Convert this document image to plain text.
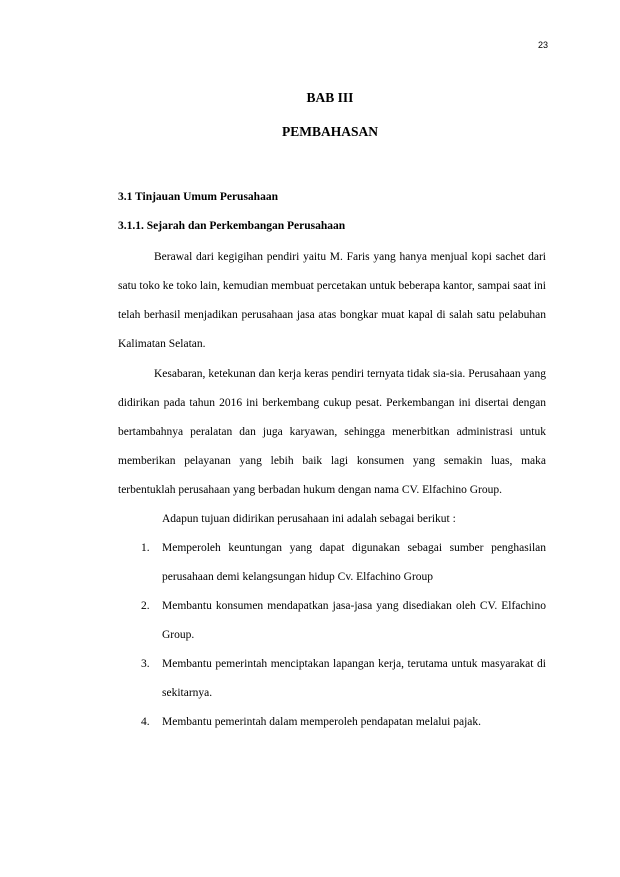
23
BAB III
PEMBAHASAN
3.1 Tinjauan Umum Perusahaan
3.1.1. Sejarah dan Perkembangan Perusahaan

Berawal dari kegigihan pendiri yaitu M. Faris yang hanya menjual kopi sachet dari satu toko ke toko lain, kemudian membuat percetakan untuk beberapa kantor, sampai saat ini telah berhasil menjadikan perusahaan jasa atas bongkar muat kapal di salah satu pelabuhan Kalimatan Selatan.

Kesabaran, ketekunan dan kerja keras pendiri ternyata tidak sia-sia. Perusahaan yang didirikan pada tahun 2016 ini berkembang cukup pesat. Perkembangan ini disertai dengan bertambahnya peralatan dan juga karyawan, sehingga menerbitkan administrasi untuk memberikan pelayanan yang lebih baik lagi konsumen yang semakin luas, maka terbentuklah perusahaan yang berbadan hukum dengan nama CV. Elfachino Group.

Adapun tujuan didirikan perusahaan ini adalah sebagai berikut :

1. Memperoleh keuntungan yang dapat digunakan sebagai sumber penghasilan perusahaan demi kelangsungan hidup Cv. Elfachino Group
2. Membantu konsumen mendapatkan jasa-jasa yang disediakan oleh CV. Elfachino Group.
3. Membantu pemerintah menciptakan lapangan kerja, terutama untuk masyarakat di sekitarnya.
4. Membantu pemerintah dalam memperoleh pendapatan melalui pajak.
